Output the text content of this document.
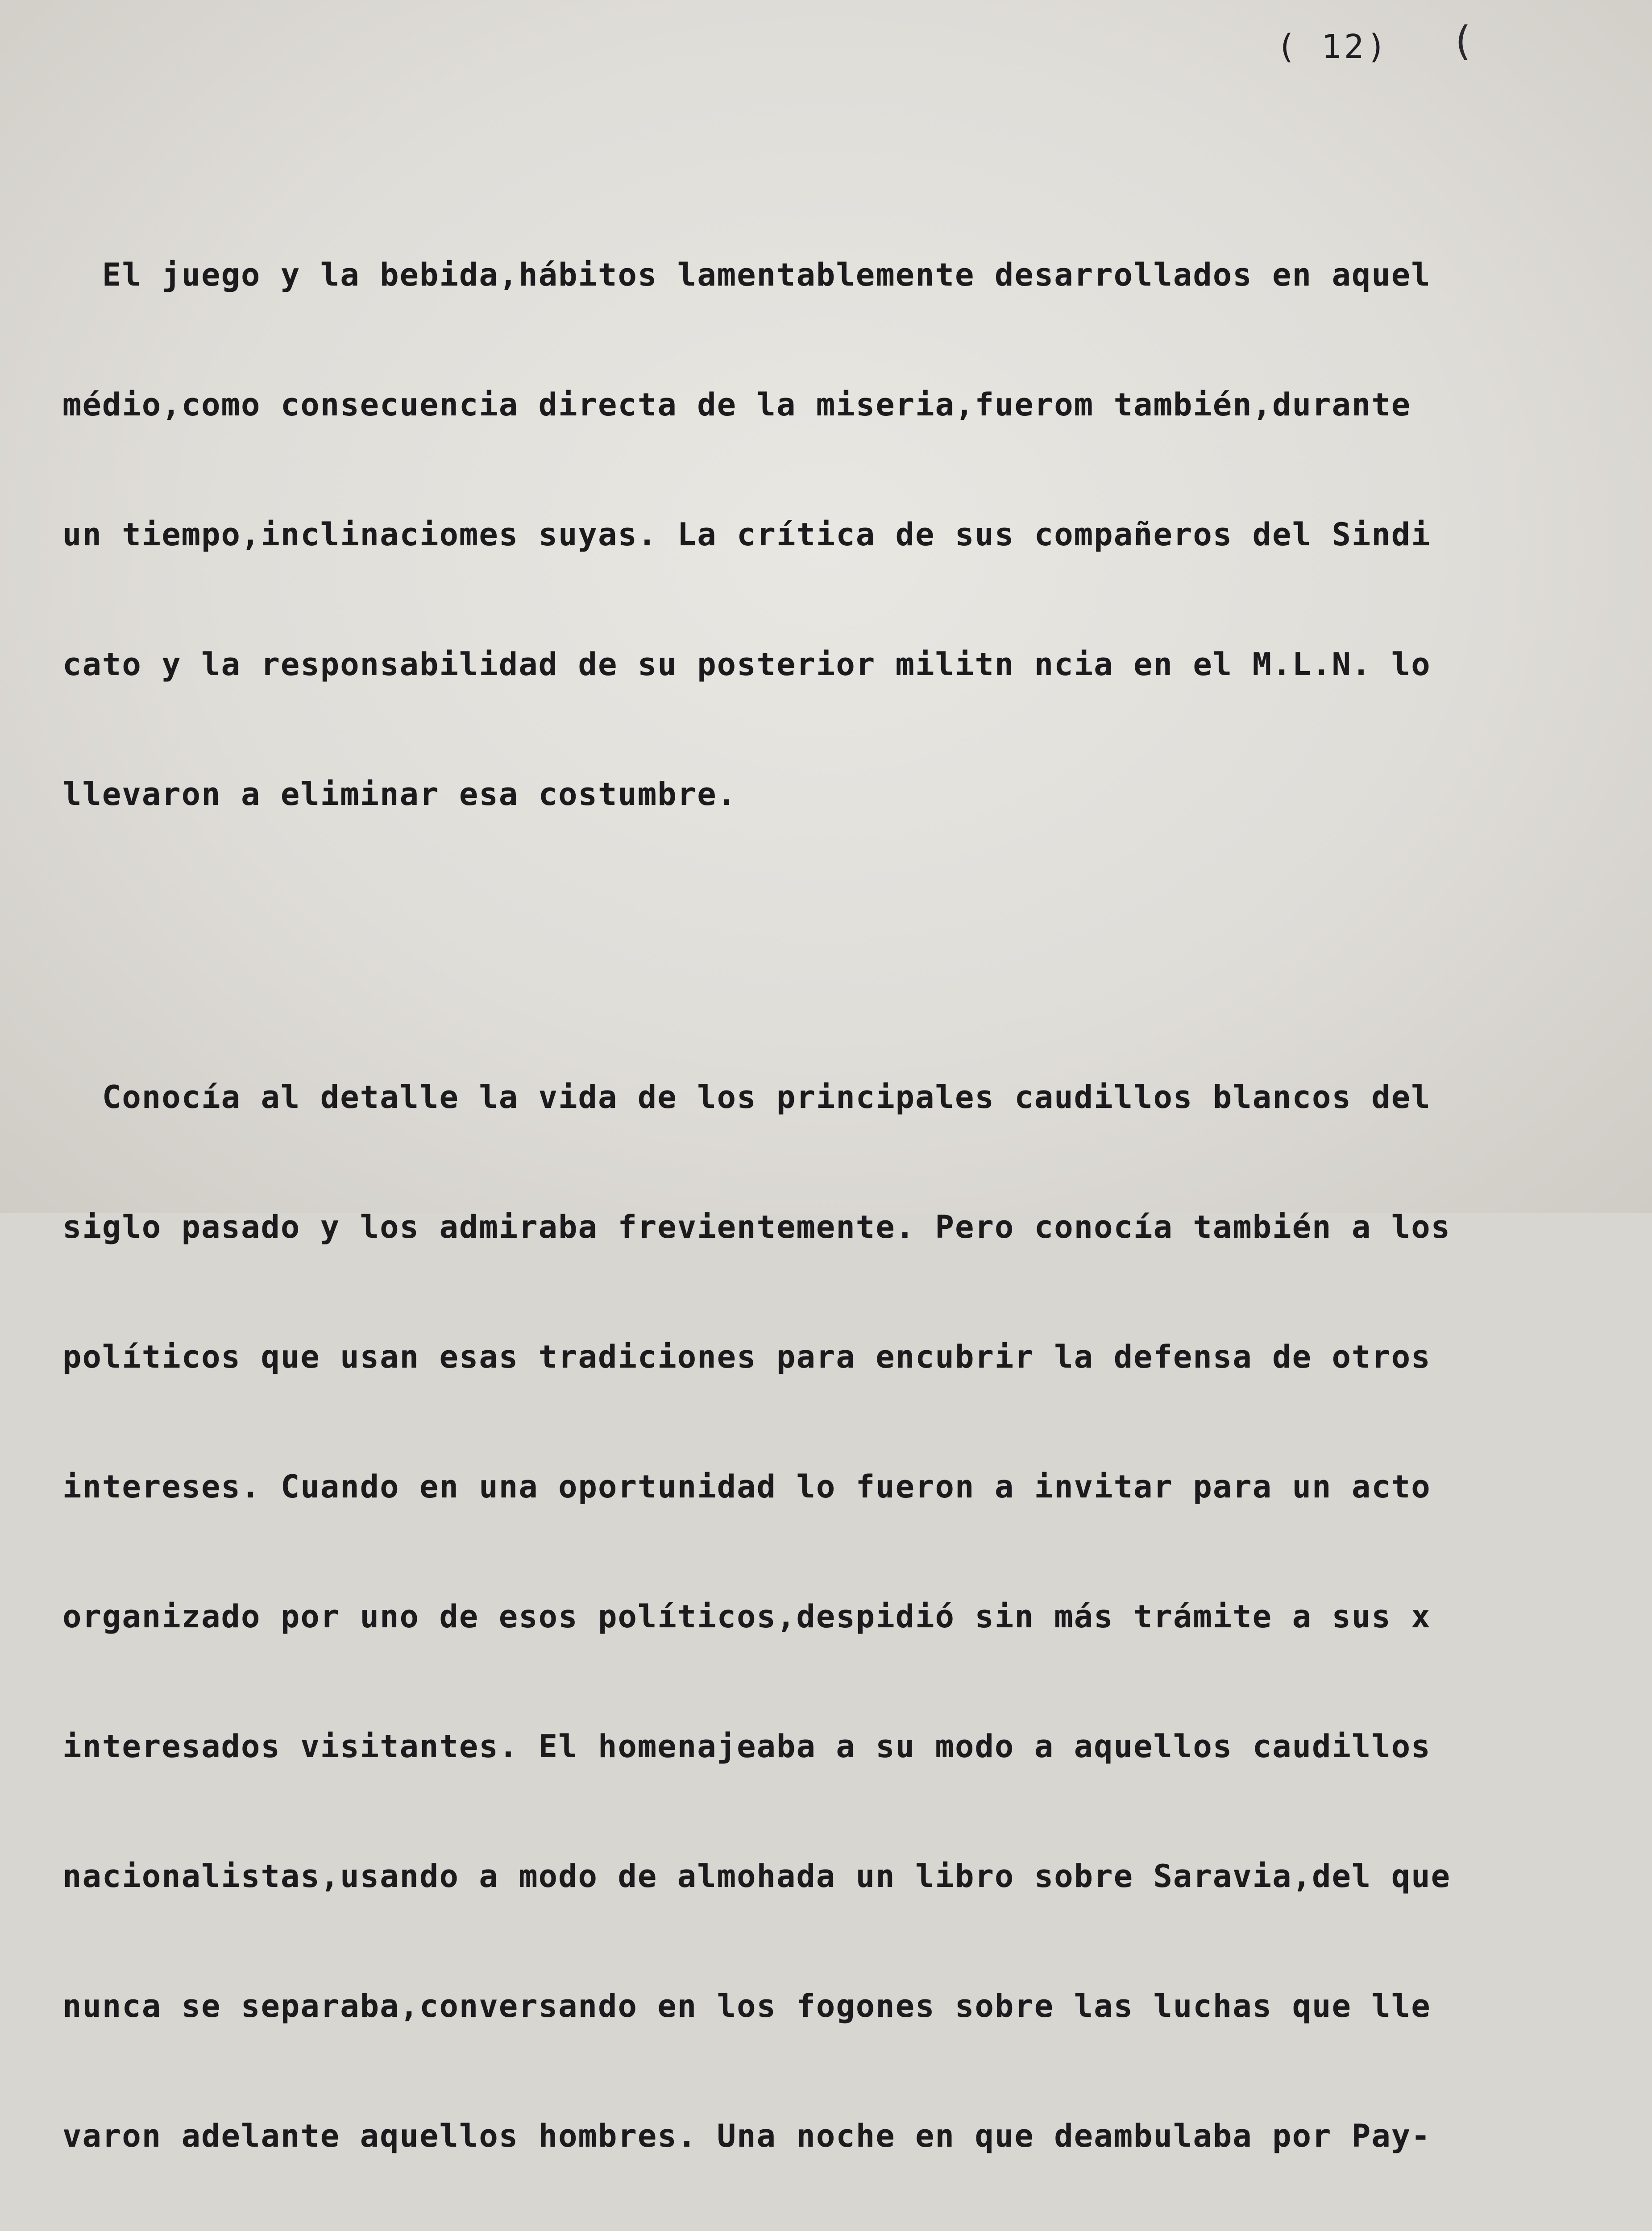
( 12) (

El juego y la bebida,hábitos lamentablemente desarrollados en aquel

médio,como consecuencia directa de la miseria,fuerom también,durante

un tiempo,inclinaciomes suyas. La crítica de sus compañeros del Sindi

cato y la responsabilidad de su posterior militn ncia en el M.L.N. lo

llevaron a eliminar esa costumbre.

Conocía al detalle la vida de los principales caudillos blancos del

siglo pasado y los admiraba frevientemente. Pero conocía también a los

políticos que usan esas tradiciones para encubrir la defensa de otros

intereses. Cuando en una oportunidad lo fueron a invitar para un acto

organizado por uno de esos políticos,despidió sin más trámite a sus x

interesados visitantes. El homenajeaba a su modo a aquellos caudillos

nacionalistas,usando a modo de almohada un libro sobre Saravia,del que

nunca se separaba,conversando en los fogones sobre las luchas que lle

varon adelante aquellos hombres. Una noche en que deambulaba por Pay-
